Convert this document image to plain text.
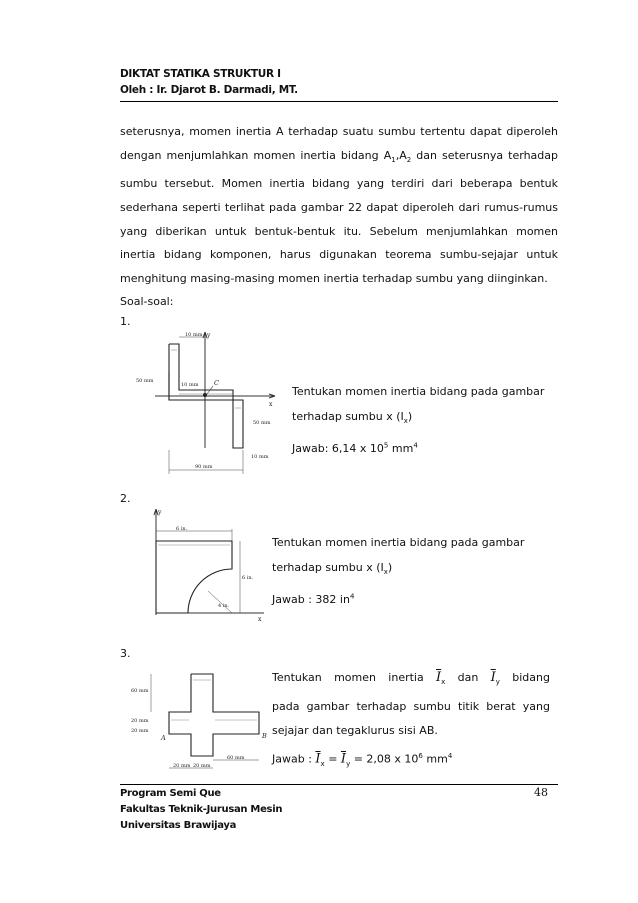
DIKTAT STATIKA STRUKTUR I
Oleh : Ir. Djarot B. Darmadi, MT.

seterusnya, momen inertia A terhadap suatu sumbu tertentu dapat diperoleh dengan menjumlahkan momen inertia bidang $A_1,A_2$ dan seterusnya terhadap sumbu tersebut. Momen inertia bidang yang terdiri dari beberapa bentuk sederhana seperti terlihat pada gambar 22 dapat diperoleh dari rumus-rumus yang diberikan untuk bentuk-bentuk itu. Sebelum menjumlahkan momen inertia bidang komponen, harus digunakan teorema sumbu-sejajar untuk menghitung masing-masing momen inertia terhadap sumbu yang diinginkan.

Soal-soal:
1.
y
x
C
10 mm
10 mm
50 mm
50 mm
10 mm
90 mm
Tentukan momen inertia bidang pada gambar terhadap sumbu x $(I_x)$
Jawab: 6,14 x $10^5$ $mm^4$
2.
y
x
6 in.
6 in.
4 in.
Tentukan momen inertia bidang pada gambar terhadap sumbu x $(I_x)$
Jawab : 382 $in^4$
3.
A	B
60 mm
20 mm
20 mm
60 mm
20 mm 20 mm
Tentukan momen inertia $\overline{I}_x$ dan $\overline{I}_y$ bidang
pada gambar terhadap sumbu titik berat yang sejajar dan tegaklurus sisi AB.
Jawab : $\overline{I}_x = \overline{I}_y = 2,08$ x $10^6$ $mm^4$
Program Semi Que
Fakultas Teknik-Jurusan Mesin
Universitas Brawijaya
48
